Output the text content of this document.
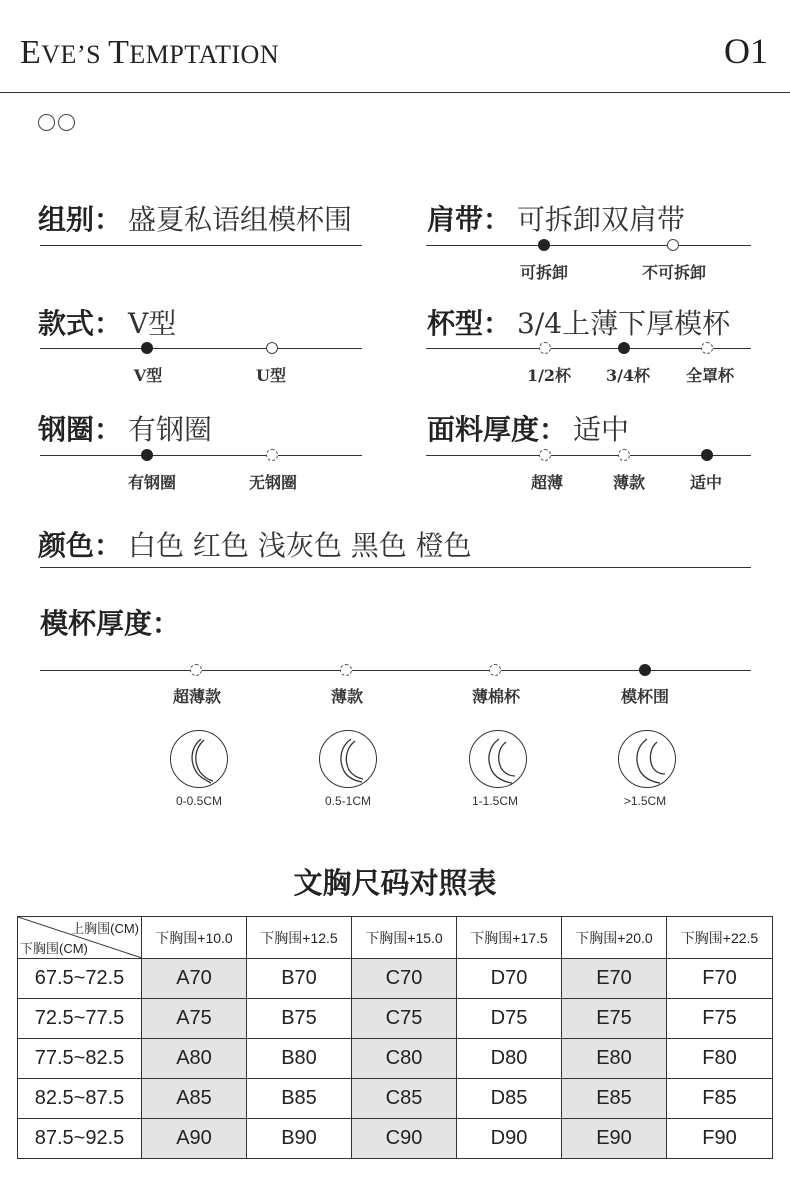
EVE’S TEMPTATION	O1
组别： 盛夏私语组模杯围	肩带： 可拆卸双肩带
可拆卸	不可拆卸
款式： V型
V型	U型
杯型： 3/4上薄下厚模杯
1/2杯 3/4杯 全罩杯
钢圈： 有钢圈
有钢圈	无钢圈
面料厚度： 适中
超薄	薄款	适中
颜色： 白色 红色 浅灰色 黑色 橙色
模杯厚度：
超薄款	薄款	薄棉杯	模杯围
0-0.5CM	0.5-1CM	1-1.5CM	>1.5CM
文胸尺码对照表
上胸围(CM)
下胸围(CM)	下胸围+10.0	下胸围+12.5	下胸围+15.0	下胸围+17.5	下胸围+20.0	下胸围+22.5
67.5~72.5	A70	B70	C70	D70	E70	F70
72.5~77.5	A75	B75	C75	D75	E75	F75
77.5~82.5	A80	B80	C80	D80	E80	F80
82.5~87.5	A85	B85	C85	D85	E85	F85
87.5~92.5	A90	B90	C90	D90	E90	F90
